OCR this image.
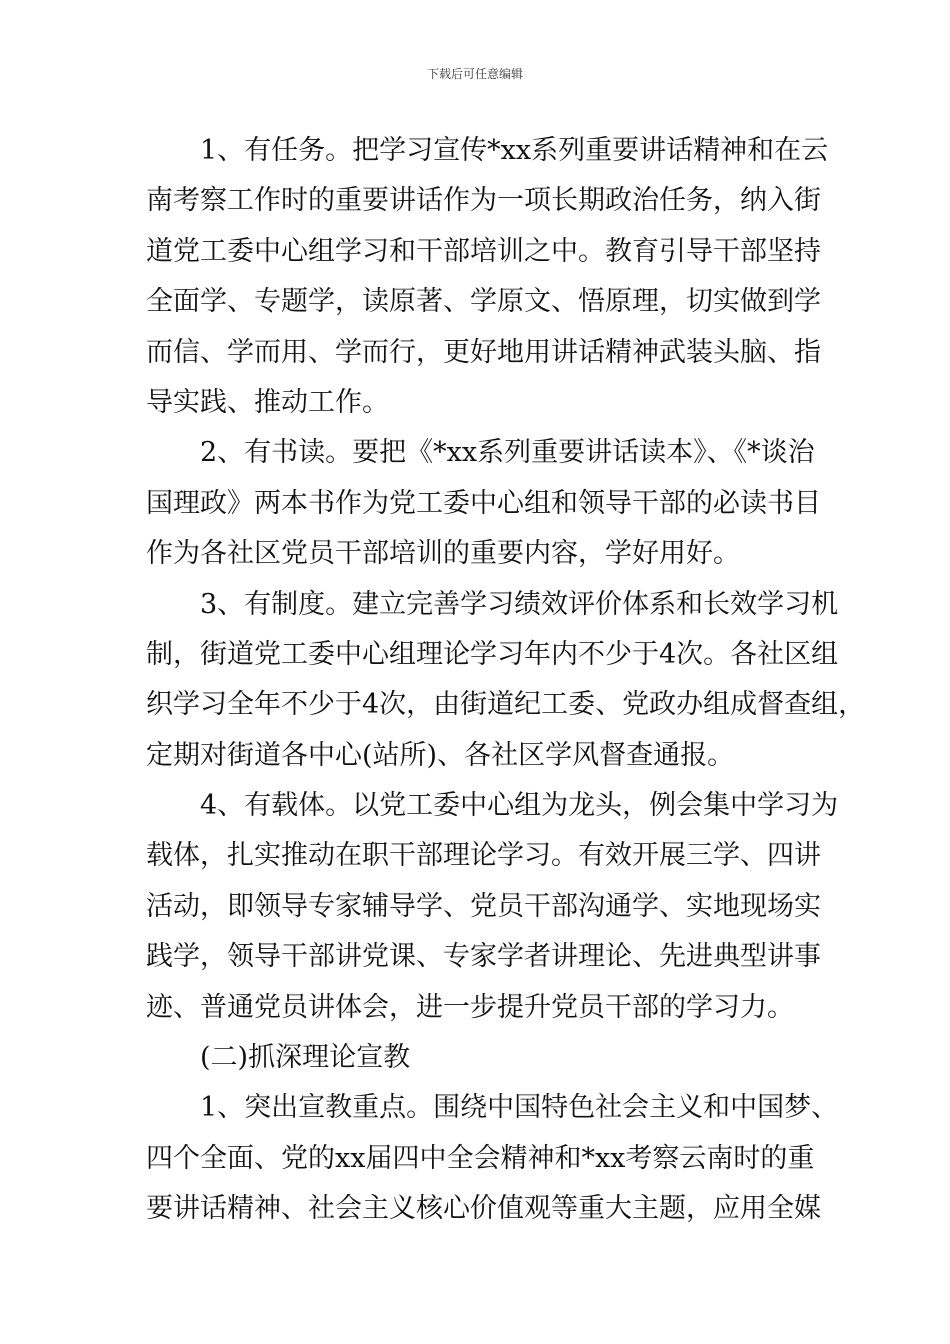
下载后可任意编辑
1、有任务。把学习宣传*xx系列重要讲话精神和在云
南考察工作时的重要讲话作为一项长期政治任务，纳入街
道党工委中心组学习和干部培训之中。教育引导干部坚持
全面学、专题学，读原著、学原文、悟原理，切实做到学
而信、学而用、学而行，更好地用讲话精神武装头脑、指
导实践、推动工作。
2、有书读。要把《*xx系列重要讲话读本》、《*谈治
国理政》两本书作为党工委中心组和领导干部的必读书目
作为各社区党员干部培训的重要内容，学好用好。
3、有制度。建立完善学习绩效评价体系和长效学习机
制，街道党工委中心组理论学习年内不少于4次。各社区组
织学习全年不少于4次，由街道纪工委、党政办组成督查组，
定期对街道各中心(站所)、各社区学风督查通报。
4、有载体。以党工委中心组为龙头，例会集中学习为
载体，扎实推动在职干部理论学习。有效开展三学、四讲
活动，即领导专家辅导学、党员干部沟通学、实地现场实
践学，领导干部讲党课、专家学者讲理论、先进典型讲事
迹、普通党员讲体会，进一步提升党员干部的学习力。
(二)抓深理论宣教
1、突出宣教重点。围绕中国特色社会主义和中国梦、
四个全面、党的xx届四中全会精神和*xx考察云南时的重
要讲话精神、社会主义核心价值观等重大主题，应用全媒
